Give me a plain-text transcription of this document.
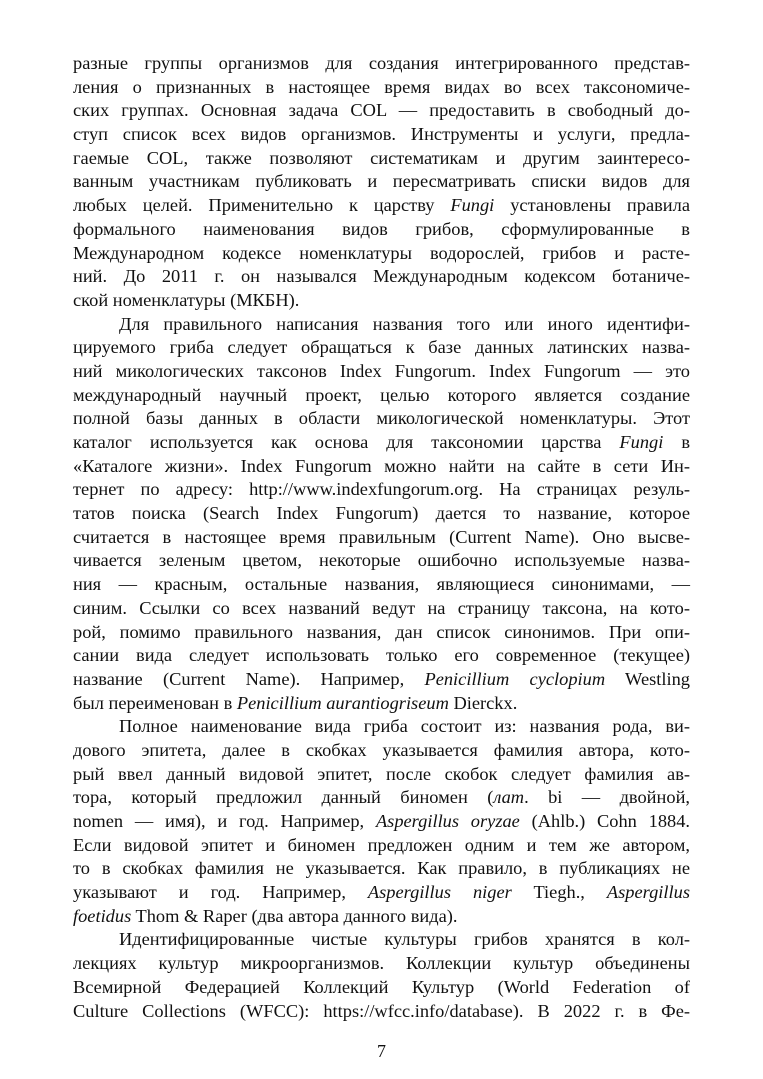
разные группы организмов для создания интегрированного представ-
ления о признанных в настоящее время видах во всех таксономиче-
ских группах. Основная задача COL — предоставить в свободный до-
ступ список всех видов организмов. Инструменты и услуги, предла-
гаемые COL, также позволяют систематикам и другим заинтересо-
ванным участникам публиковать и пересматривать списки видов для
любых целей. Применительно к царству Fungi установлены правила
формального наименования видов грибов, сформулированные в
Международном кодексе номенклатуры водорослей, грибов и расте-
ний. До 2011 г. он назывался Международным кодексом ботаниче-
ской номенклатуры (МКБН).
Для правильного написания названия того или иного идентифи-
цируемого гриба следует обращаться к базе данных латинских назва-
ний микологических таксонов Index Fungorum. Index Fungorum — это
международный научный проект, целью которого является создание
полной базы данных в области микологической номенклатуры. Этот
каталог используется как основа для таксономии царства Fungi в
«Каталоге жизни». Index Fungorum можно найти на сайте в сети Ин-
тернет по адресу: http://www.indexfungorum.org. На страницах резуль-
татов поиска (Search Index Fungorum) дается то название, которое
считается в настоящее время правильным (Current Name). Оно высве-
чивается зеленым цветом, некоторые ошибочно используемые назва-
ния — красным, остальные названия, являющиеся синонимами, —
синим. Ссылки со всех названий ведут на страницу таксона, на кото-
рой, помимо правильного названия, дан список синонимов. При опи-
сании вида следует использовать только его современное (текущее)
название (Current Name). Например, Penicillium cyclopium Westling
был переименован в Penicillium aurantiogriseum Dierckx.
Полное наименование вида гриба состоит из: названия рода, ви-
дового эпитета, далее в скобках указывается фамилия автора, кото-
рый ввел данный видовой эпитет, после скобок следует фамилия ав-
тора, который предложил данный биномен (лат. bi — двойной,
nomen — имя), и год. Например, Aspergillus oryzae (Ahlb.) Cohn 1884.
Если видовой эпитет и биномен предложен одним и тем же автором,
то в скобках фамилия не указывается. Как правило, в публикациях не
указывают и год. Например, Aspergillus niger Tiegh., Aspergillus
foetidus Thom & Raper (два автора данного вида).
Идентифицированные чистые культуры грибов хранятся в кол-
лекциях культур микроорганизмов. Коллекции культур объединены
Всемирной Федерацией Коллекций Культур (World Federation of
Culture Collections (WFCC): https://wfcc.info/database). В 2022 г. в Фе-
7
